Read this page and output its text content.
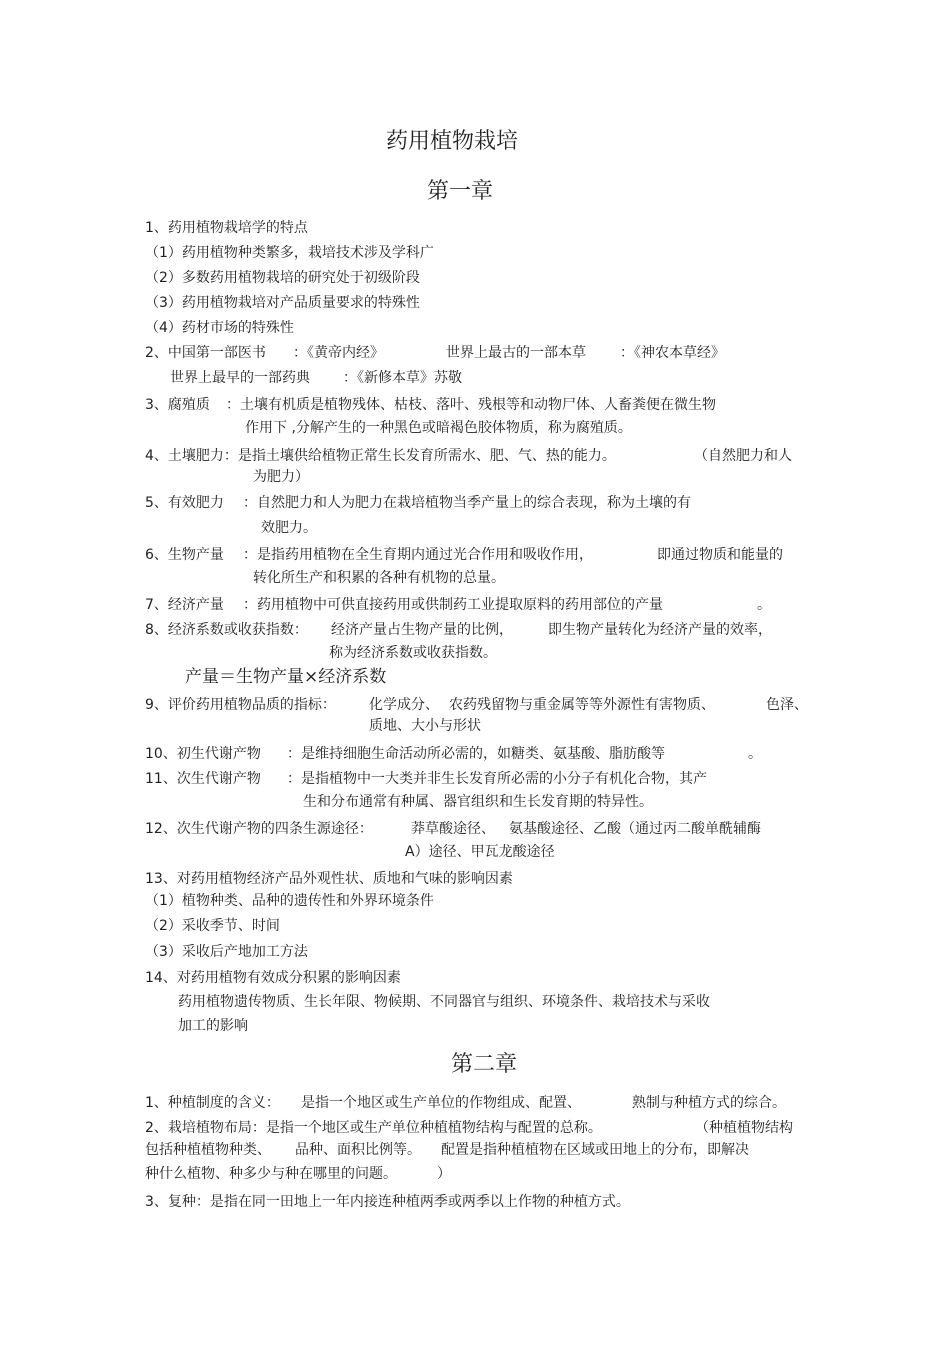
药用植物栽培
第一章
1、药用植物栽培学的特点
（1）药用植物种类繁多，栽培技术涉及学科广
（2）多数药用植物栽培的研究处于初级阶段
（3）药用植物栽培对产品质量要求的特殊性
（4）药材市场的特殊性
2、中国第一部医书 ：《黄帝内经》	世界上最古的一部本草 ：《神农本草经》
世界上最早的一部药典 ：《新修本草》苏敬
3、腐殖质 ：土壤有机质是植物残体、枯枝、落叶、残根等和动物尸体、人畜粪便在微生物
作用下 ,分解产生的一种黑色或暗褐色胶体物质，称为腐殖质。
4、土壤肥力：是指土壤供给植物正常生长发育所需水、肥、气、热的能力。	（自然肥力和人
为肥力）
5、有效肥力 ：自然肥力和人为肥力在栽培植物当季产量上的综合表现，称为土壤的有
效肥力。
6、生物产量 ：是指药用植物在全生育期内通过光合作用和吸收作用，	即通过物质和能量的
转化所生产和积累的各种有机物的总量。
7、经济产量 ：药用植物中可供直接药用或供制药工业提取原料的药用部位的产量	。
8、经济系数或收获指数： 经济产量占生物产量的比例，	即生物产量转化为经济产量的效率，
称为经济系数或收获指数。
产量＝生物产量×经济系数
9、评价药用植物品质的指标： 化学成分、 农药残留物与重金属等等外源性有害物质、	色泽、
质地、大小与形状
10、初生代谢产物 ：是维持细胞生命活动所必需的，如糖类、氨基酸、脂肪酸等	。
11、次生代谢产物 ：是指植物中一大类并非生长发育所必需的小分子有机化合物，其产
生和分布通常有种属、器官组织和生长发育期的特异性。
12、次生代谢产物的四条生源途径：	莽草酸途径、 氨基酸途径、乙酸（通过丙二酸单酰辅酶
A）途径、甲瓦龙酸途径
13、对药用植物经济产品外观性状、质地和气味的影响因素
（1）植物种类、品种的遗传性和外界环境条件
（2）采收季节、时间
（3）采收后产地加工方法
14、对药用植物有效成分积累的影响因素
药用植物遗传物质、生长年限、物候期、不同器官与组织、环境条件、栽培技术与采收
加工的影响
第二章
1、种植制度的含义： 是指一个地区或生产单位的作物组成、配置、	熟制与种植方式的综合。
2、栽培植物布局：是指一个地区或生产单位种植植物结构与配置的总称。	（种植植物结构
包括种植植物种类、 品种、面积比例等。 配置是指种植植物在区域或田地上的分布，即解决
种什么植物、种多少与种在哪里的问题。	）
3、复种：是指在同一田地上一年内接连种植两季或两季以上作物的种植方式。
